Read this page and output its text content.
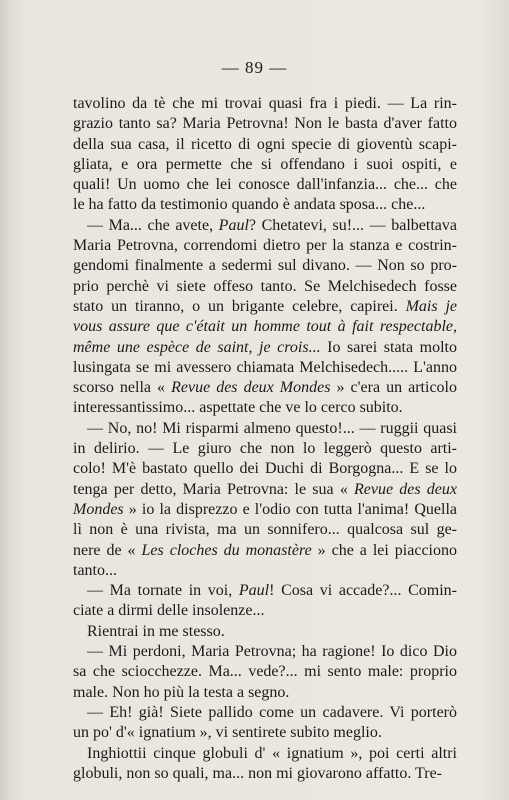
— 89 —
tavolino da tè che mi trovai quasi fra i piedi. — La rin-
grazio tanto sa? Maria Petrovna! Non le basta d'aver fatto
della sua casa, il ricetto di ogni specie di gioventù scapi-
gliata, e ora permette che si offendano i suoi ospiti, e
quali! Un uomo che lei conosce dall'infanzia... che... che
le ha fatto da testimonio quando è andata sposa... che...
— Ma... che avete, Paul? Chetatevi, su!... — balbettava
Maria Petrovna, correndomi dietro per la stanza e costrin-
gendomi finalmente a sedermi sul divano. — Non so pro-
prio perchè vi siete offeso tanto. Se Melchisedech fosse
stato un tiranno, o un brigante celebre, capirei. Mais je
vous assure que c'était un homme tout à fait respectable,
même une espèce de saint, je crois... Io sarei stata molto
lusingata se mi avessero chiamata Melchisedech..... L'anno
scorso nella « Revue des deux Mondes » c'era un articolo
interessantissimo... aspettate che ve lo cerco subito.
— No, no! Mi risparmi almeno questo!... — ruggii quasi
in delirio. — Le giuro che non lo leggerò questo arti-
colo! M'è bastato quello dei Duchi di Borgogna... E se lo
tenga per detto, Maria Petrovna: le sua « Revue des deux
Mondes » io la disprezzo e l'odio con tutta l'anima! Quella
lì non è una rivista, ma un sonnifero... qualcosa sul ge-
nere de « Les cloches du monastère » che a lei piacciono
tanto...
— Ma tornate in voi, Paul! Cosa vi accade?... Comin-
ciate a dirmi delle insolenze...
Rientrai in me stesso.
— Mi perdoni, Maria Petrovna; ha ragione! Io dico Dio
sa che sciocchezze. Ma... vede?... mi sento male: proprio
male. Non ho più la testa a segno.
— Eh! già! Siete pallido come un cadavere. Vi porterò
un po' d'« ignatium », vi sentirete subito meglio.
Inghiottii cinque globuli d' « ignatium », poi certi altri
globuli, non so quali, ma... non mi giovarono affatto. Tre-
